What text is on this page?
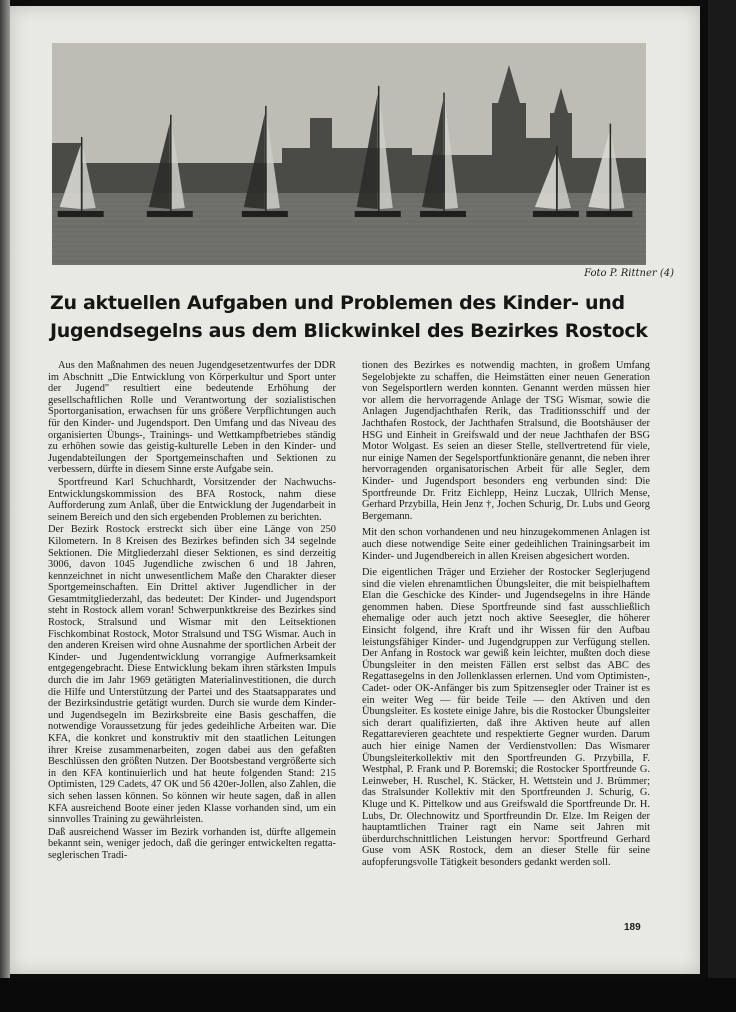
Foto P. Rittner (4)
Zu aktuellen Aufgaben und Problemen des Kinder- und Jugendsegelns aus dem Blickwinkel des Bezirkes Rostock

Aus den Maßnahmen des neuen Jugendgesetzentwurfes der DDR im Abschnitt „Die Entwicklung von Körperkultur und Sport unter der Jugend" resultiert eine bedeutende Erhöhung der gesellschaftlichen Rolle und Verantwortung der sozialistischen Sportorganisation, erwachsen für uns größere Verpflichtungen auch für den Kinder- und Jugendsport. Den Umfang und das Niveau des organisierten Übungs-, Trainings- und Wettkampfbetriebes ständig zu erhöhen sowie das geistig-kulturelle Leben in den Kinder- und Jugendabteilungen der Sportgemeinschaften und Sektionen zu verbessern, dürfte in diesem Sinne erste Aufgabe sein.

Sportfreund Karl Schuchhardt, Vorsitzender der Nachwuchs-Entwicklungskommission des BFA Rostock, nahm diese Aufforderung zum Anlaß, über die Entwicklung der Jugendarbeit in seinem Bereich und den sich ergebenden Problemen zu berichten.

Der Bezirk Rostock erstreckt sich über eine Länge von 250 Kilometern. In 8 Kreisen des Bezirkes befinden sich 34 segelnde Sektionen. Die Mitgliederzahl dieser Sektionen, es sind derzeitig 3006, davon 1045 Jugendliche zwischen 6 und 18 Jahren, kennzeichnet in nicht unwesentlichem Maße den Charakter dieser Sportgemeinschaften. Ein Drittel aktiver Jugendlicher in der Gesamtmitgliederzahl, das bedeutet: Der Kinder- und Jugendsport steht in Rostock allem voran! Schwerpunktkreise des Bezirkes sind Rostock, Stralsund und Wismar mit den Leitsektionen Fischkombinat Rostock, Motor Stralsund und TSG Wismar. Auch in den anderen Kreisen wird ohne Ausnahme der sportlichen Arbeit der Kinder- und Jugendentwicklung vorrangige Aufmerksamkeit entgegengebracht. Diese Entwicklung bekam ihren stärksten Impuls durch die im Jahr 1969 getätigten Materialinvestitionen, die durch die Hilfe und Unterstützung der Partei und des Staatsapparates und der Bezirksindustrie getätigt wurden. Durch sie wurde dem Kinder- und Jugendsegeln im Bezirksbreite eine Basis geschaffen, die notwendige Voraussetzung für jedes gedeihliche Arbeiten war. Die KFA, die konkret und konstruktiv mit den staatlichen Leitungen ihrer Kreise zusammenarbeiten, zogen dabei aus den gefaßten Beschlüssen den größten Nutzen. Der Bootsbestand vergrößerte sich in den KFA kontinuierlich und hat heute folgenden Stand: 215 Optimisten, 129 Cadets, 47 OK und 56 420er-Jollen, also Zahlen, die sich sehen lassen können. So können wir heute sagen, daß in allen KFA ausreichend Boote einer jeden Klasse vorhanden sind, um ein sinnvolles Training zu gewährleisten.

Daß ausreichend Wasser im Bezirk vorhanden ist, dürfte allgemein bekannt sein, weniger jedoch, daß die geringer entwickelten regatta-seglerischen Tradi-

tionen des Bezirkes es notwendig machten, in großem Umfang Segelobjekte zu schaffen, die Heimstätten einer neuen Generation von Segelsportlern werden konnten. Genannt werden müssen hier vor allem die hervorragende Anlage der TSG Wismar, sowie die Anlagen Jugendjachthafen Rerik, das Traditionsschiff und der Jachthafen Rostock, der Jachthafen Stralsund, die Bootshäuser der HSG und Einheit in Greifswald und der neue Jachthafen der BSG Motor Wolgast. Es seien an dieser Stelle, stellvertretend für viele, nur einige Namen der Segelsportfunktionäre genannt, die neben ihrer hervorragenden organisatorischen Arbeit für alle Segler, dem Kinder- und Jugendsport besonders eng verbunden sind: Die Sportfreunde Dr. Fritz Eichlepp, Heinz Luczak, Ullrich Mense, Gerhard Przybilla, Hein Jenz †, Jochen Schurig, Dr. Lubs und Georg Bergemann.

Mit den schon vorhandenen und neu hinzugekommenen Anlagen ist auch diese notwendige Seite einer gedeihlichen Trainingsarbeit im Kinder- und Jugendbereich in allen Kreisen abgesichert worden.

Die eigentlichen Träger und Erzieher der Rostocker Seglerjugend sind die vielen ehrenamtlichen Übungsleiter, die mit beispielhaftem Elan die Geschicke des Kinder- und Jugendsegelns in ihre Hände genommen haben. Diese Sportfreunde sind fast ausschließlich ehemalige oder auch jetzt noch aktive Seesegler, die höherer Einsicht folgend, ihre Kraft und ihr Wissen für den Aufbau leistungsfähiger Kinder- und Jugendgruppen zur Verfügung stellen. Der Anfang in Rostock war gewiß kein leichter, mußten doch diese Übungsleiter in den meisten Fällen erst selbst das ABC des Regattasegelns in den Jollenklassen erlernen. Und vom Optimisten-, Cadet- oder OK-Anfänger bis zum Spitzensegler oder Trainer ist es ein weiter Weg — für beide Teile — den Aktiven und den Übungsleiter. Es kostete einige Jahre, bis die Rostocker Übungsleiter sich derart qualifizierten, daß ihre Aktiven heute auf allen Regattarevieren geachtete und respektierte Gegner wurden. Darum auch hier einige Namen der Verdienstvollen: Das Wismarer Übungsleiterkollektiv mit den Sportfreunden G. Przybilla, F. Westphal, P. Frank und P. Boremski; die Rostocker Sportfreunde G. Leinweber, H. Ruschel, K. Stäcker, H. Wettstein und J. Brümmer; das Stralsunder Kollektiv mit den Sportfreunden J. Schurig, G. Kluge und K. Pittelkow und aus Greifswald die Sportfreunde Dr. H. Lubs, Dr. Olechnowitz und Sportfreundin Dr. Elze. Im Reigen der hauptamtlichen Trainer ragt ein Name seit Jahren mit überdurchschnittlichen Leistungen hervor: Sportfreund Gerhard Guse vom ASK Rostock, dem an dieser Stelle für seine aufopferungsvolle Tätigkeit besonders gedankt werden soll.

189
